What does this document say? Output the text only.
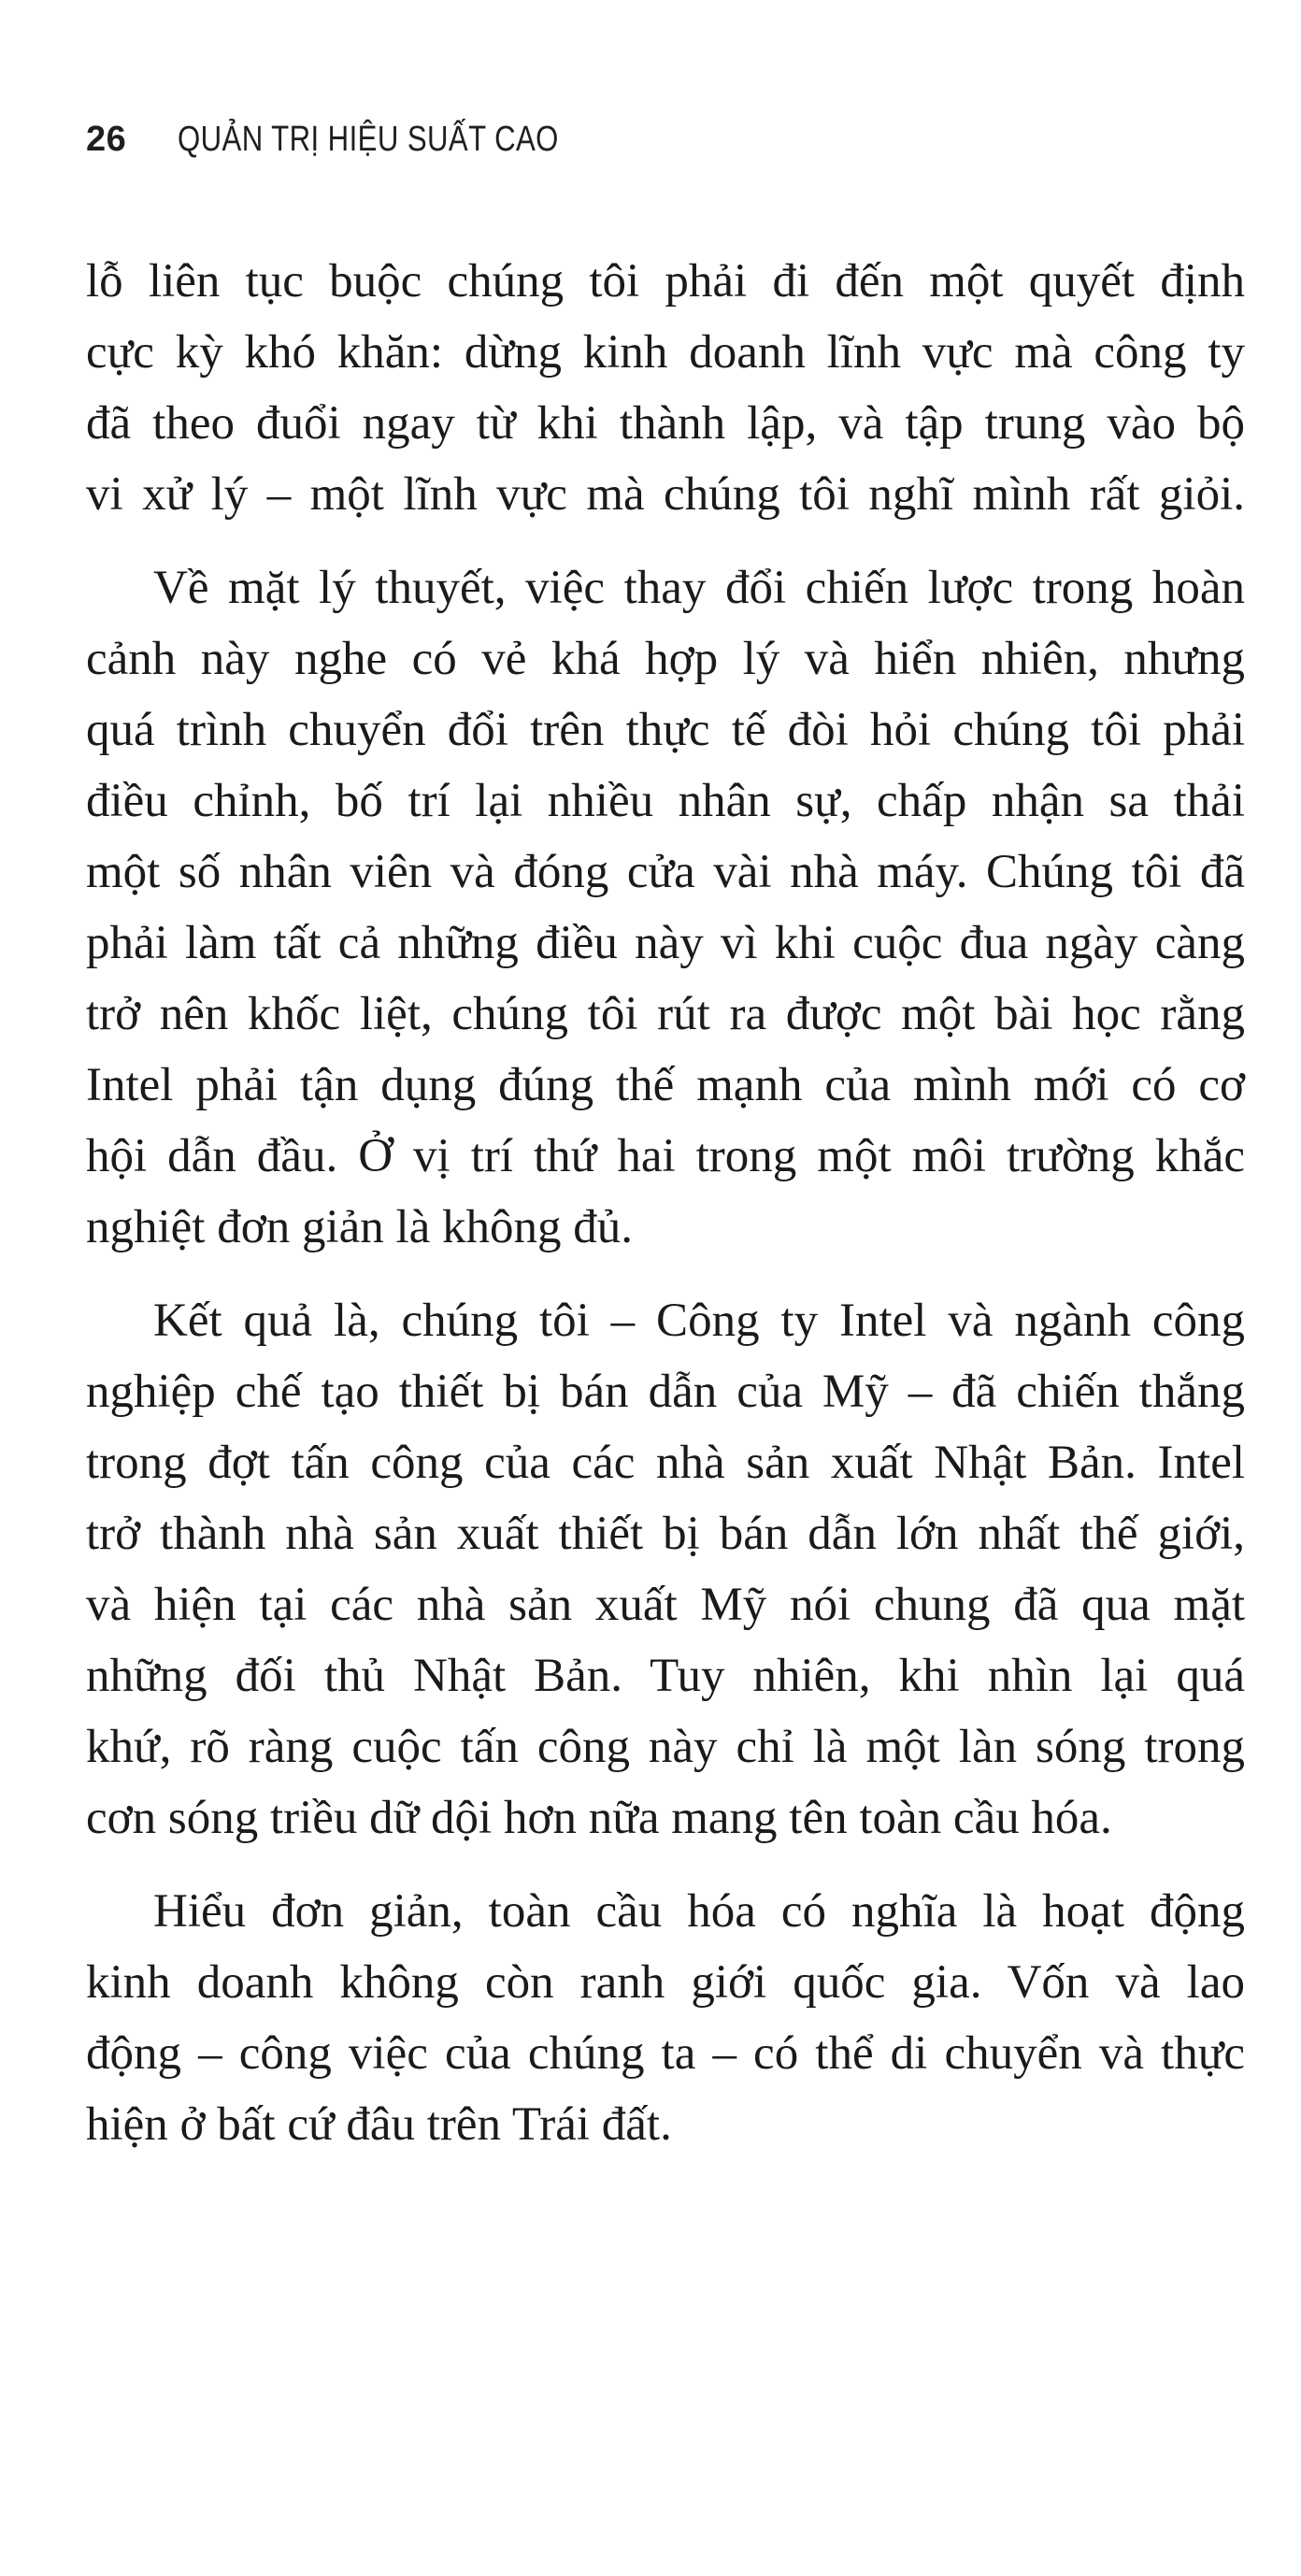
26 QUẢN TRỊ HIỆU SUẤT CAO
lỗ liên tục buộc chúng tôi phải đi đến một quyết định
cực kỳ khó khăn: dừng kinh doanh lĩnh vực mà công ty
đã theo đuổi ngay từ khi thành lập, và tập trung vào bộ
vi xử lý – một lĩnh vực mà chúng tôi nghĩ mình rất giỏi.
Về mặt lý thuyết, việc thay đổi chiến lược trong hoàn
cảnh này nghe có vẻ khá hợp lý và hiển nhiên, nhưng
quá trình chuyển đổi trên thực tế đòi hỏi chúng tôi phải
điều chỉnh, bố trí lại nhiều nhân sự, chấp nhận sa thải
một số nhân viên và đóng cửa vài nhà máy. Chúng tôi đã
phải làm tất cả những điều này vì khi cuộc đua ngày càng
trở nên khốc liệt, chúng tôi rút ra được một bài học rằng
Intel phải tận dụng đúng thế mạnh của mình mới có cơ
hội dẫn đầu. Ở vị trí thứ hai trong một môi trường khắc
nghiệt đơn giản là không đủ.
Kết quả là, chúng tôi – Công ty Intel và ngành công
nghiệp chế tạo thiết bị bán dẫn của Mỹ – đã chiến thắng
trong đợt tấn công của các nhà sản xuất Nhật Bản. Intel
trở thành nhà sản xuất thiết bị bán dẫn lớn nhất thế giới,
và hiện tại các nhà sản xuất Mỹ nói chung đã qua mặt
những đối thủ Nhật Bản. Tuy nhiên, khi nhìn lại quá
khứ, rõ ràng cuộc tấn công này chỉ là một làn sóng trong
cơn sóng triều dữ dội hơn nữa mang tên toàn cầu hóa.
Hiểu đơn giản, toàn cầu hóa có nghĩa là hoạt động
kinh doanh không còn ranh giới quốc gia. Vốn và lao
động – công việc của chúng ta – có thể di chuyển và thực
hiện ở bất cứ đâu trên Trái đất.
